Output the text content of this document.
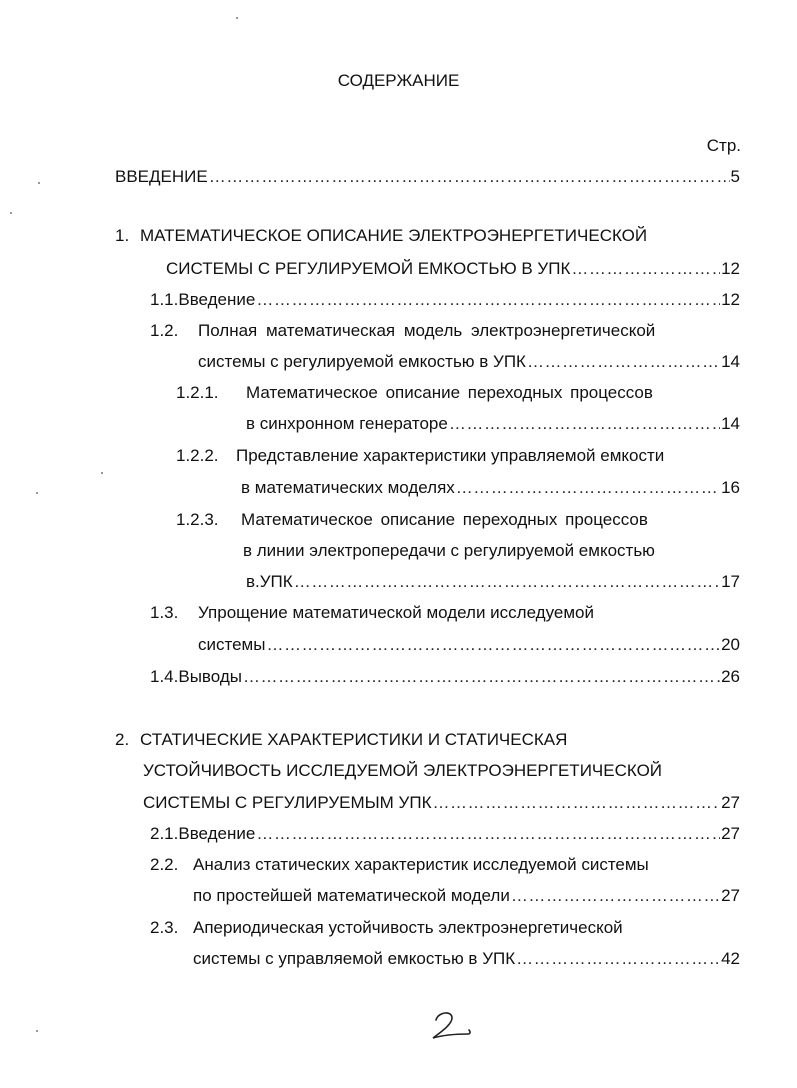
СОДЕРЖАНИЕ
Стр.
ВВЕДЕНИЕ ……………………………………………………………………………………………………………………………………………………	5
1. МАТЕМАТИЧЕСКОЕ ОПИСАНИЕ ЭЛЕКТРОЭНЕРГЕТИЧЕСКОЙ
СИСТЕМЫ С РЕГУЛИРУЕМОЙ ЕМКОСТЬЮ В УПК ……………………………………………………………………………………………………………………………………………………	12
1.1. Введение ……………………………………………………………………………………………………………………………………………………	12
1.2. Полная математическая модель электроэнергетической
системы с регулируемой емкостью в УПК ……………………………………………………………………………………………………………………………………………………	14
1.2.1. Математическое описание переходных процессов
в синхронном генераторе ……………………………………………………………………………………………………………………………………………………	14
1.2.2. Представление характеристики управляемой емкости
в математических моделях ……………………………………………………………………………………………………………………………………………………	16
1.2.3. Математическое описание переходных процессов
в линии электропередачи с регулируемой емкостью
в.УПК ……………………………………………………………………………………………………………………………………………………	17
1.3. Упрощение математической модели исследуемой
системы ……………………………………………………………………………………………………………………………………………………	20
1.4. Выводы ……………………………………………………………………………………………………………………………………………………	26
2. СТАТИЧЕСКИЕ ХАРАКТЕРИСТИКИ И СТАТИЧЕСКАЯ
УСТОЙЧИВОСТЬ ИССЛЕДУЕМОЙ ЭЛЕКТРОЭНЕРГЕТИЧЕСКОЙ
СИСТЕМЫ С РЕГУЛИРУЕМЫМ УПК ……………………………………………………………………………………………………………………………………………………	27
2.1. Введение ……………………………………………………………………………………………………………………………………………………	27
2.2. Анализ статических характеристик исследуемой системы
по простейшей математической модели ……………………………………………………………………………………………………………………………………………………	27
2.3. Апериодическая устойчивость электроэнергетической
системы с управляемой емкостью в УПК ……………………………………………………………………………………………………………………………………………………	42
